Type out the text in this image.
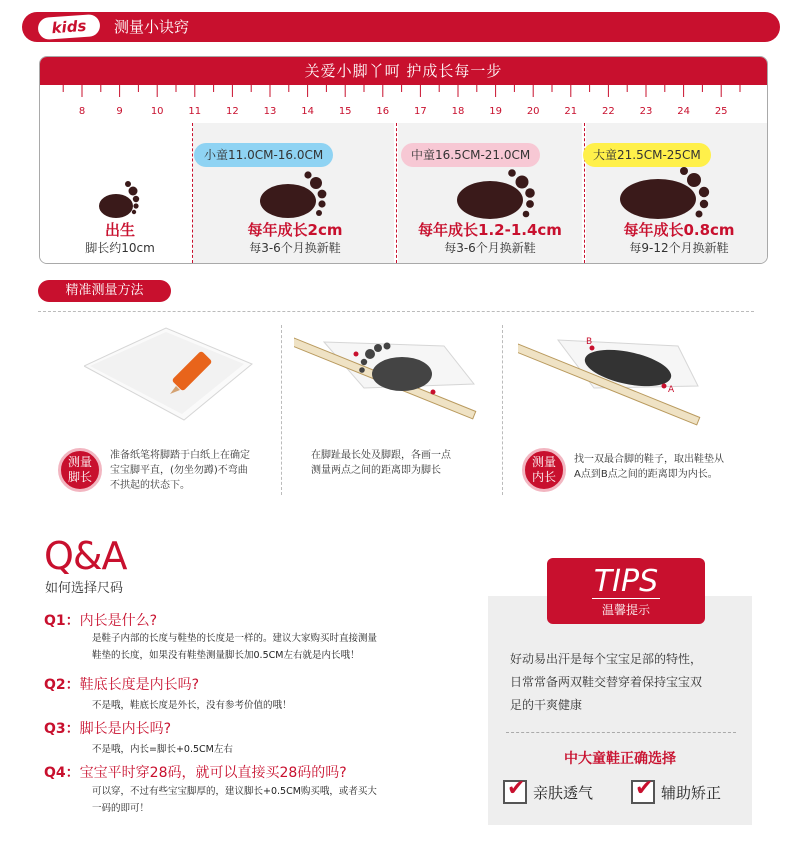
kids	测量小诀窍
关爱小脚丫呵 护成长每一步
小童11.0CM-16.0CM	中童16.5CM-21.0CM	大童21.5CM-25CM
出生
脚长约10cm
每年成长2cm
每3-6个月换新鞋
每年成长1.2-1.4cm
每3-6个月换新鞋
每年成长0.8cm
每9-12个月换新鞋
8	9	10	11	12	13	14	15	16	17	18	19	20	21	22	23	24	25
精准测量方法
B
A
测量
脚长
准备纸笔将脚踏于白纸上在确定
宝宝脚平直，(勿坐勿蹲)不弯曲
不拱起的状态下。
在脚趾最长处及脚跟，各画一点
测量两点之间的距离即为脚长
测量
内长
找一双最合脚的鞋子，取出鞋垫从
A点到B点之间的距离即为内长。
Q&A
如何选择尺码
Q1：内长是什么?
是鞋子内部的长度与鞋垫的长度是一样的。建议大家购买时直接测量
鞋垫的长度，如果没有鞋垫测量脚长加0.5CM左右就是内长哦！
Q2：鞋底长度是内长吗?
不是哦，鞋底长度是外长，没有参考价值的哦！
Q3：脚长是内长吗?
不是哦，内长=脚长+0.5CM左右
Q4：宝宝平时穿28码，就可以直接买28码的吗?
可以穿，不过有些宝宝脚厚的，建议脚长+0.5CM购买哦，或者买大
一码的即可！
TIPS
温馨提示
好动易出汗是每个宝宝足部的特性，
日常常备两双鞋交替穿着保持宝宝双
足的干爽健康
中大童鞋正确选择
✔ 亲肤透气 ✔ 辅助矫正
